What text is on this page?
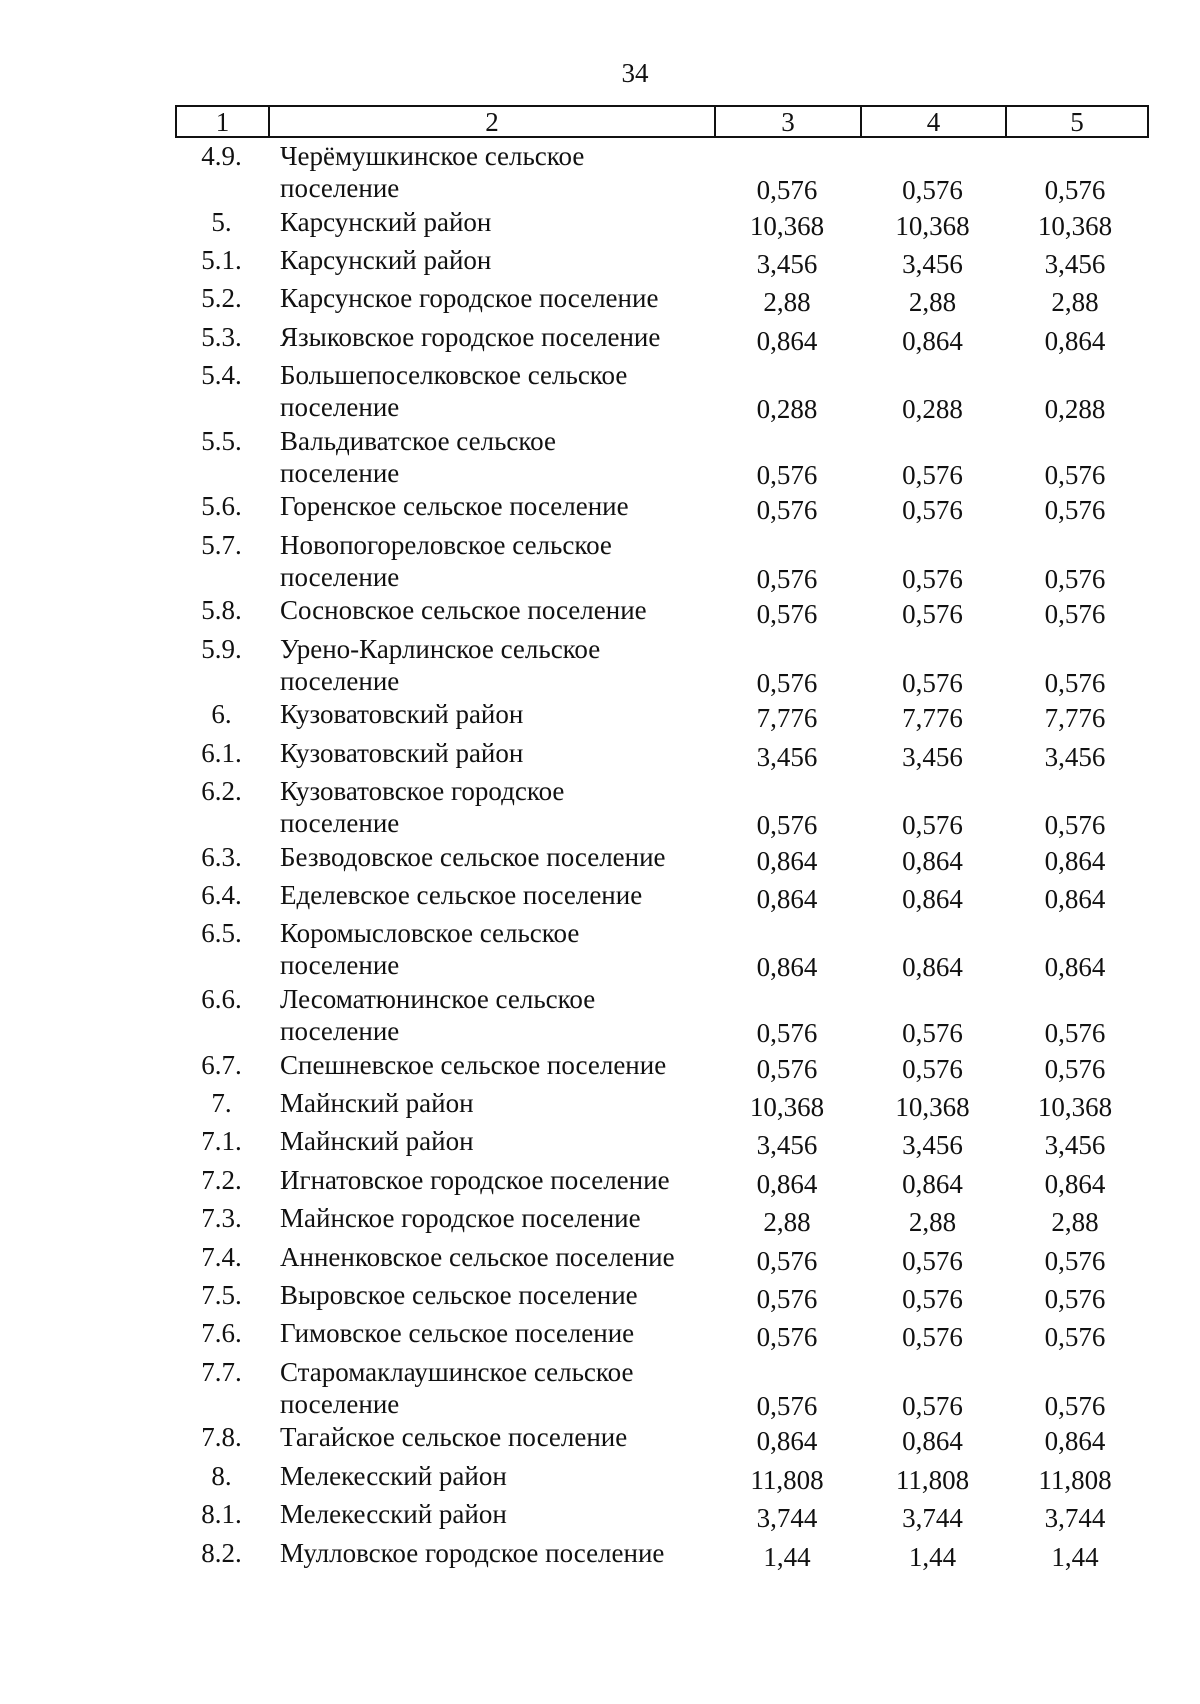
34
1	2	3	4	5
4.9.	Черёмушкинское сельское
поселение	0,576	0,576	0,576
5.	Карсунский район	10,368	10,368	10,368
5.1.	Карсунский район	3,456	3,456	3,456
5.2.	Карсунское городское поселение	2,88	2,88	2,88
5.3.	Языковское городское поселение	0,864	0,864	0,864
5.4.	Большепоселковское сельское
поселение	0,288	0,288	0,288
5.5.	Вальдиватское сельское
поселение	0,576	0,576	0,576
5.6.	Горенское сельское поселение	0,576	0,576	0,576
5.7.	Новопогореловское сельское
поселение	0,576	0,576	0,576
5.8.	Сосновское сельское поселение	0,576	0,576	0,576
5.9.	Урено-Карлинское сельское
поселение	0,576	0,576	0,576
6.	Кузоватовский район	7,776	7,776	7,776
6.1.	Кузоватовский район	3,456	3,456	3,456
6.2.	Кузоватовское городское
поселение	0,576	0,576	0,576
6.3.	Безводовское сельское поселение	0,864	0,864	0,864
6.4.	Еделевское сельское поселение	0,864	0,864	0,864
6.5.	Коромысловское сельское
поселение	0,864	0,864	0,864
6.6.	Лесоматюнинское сельское
поселение	0,576	0,576	0,576
6.7.	Спешневское сельское поселение	0,576	0,576	0,576
7.	Майнский район	10,368	10,368	10,368
7.1.	Майнский район	3,456	3,456	3,456
7.2.	Игнатовское городское поселение	0,864	0,864	0,864
7.3.	Майнское городское поселение	2,88	2,88	2,88
7.4.	Анненковское сельское поселение	0,576	0,576	0,576
7.5.	Выровское сельское поселение	0,576	0,576	0,576
7.6.	Гимовское сельское поселение	0,576	0,576	0,576
7.7.	Старомаклаушинское сельское
поселение	0,576	0,576	0,576
7.8.	Тагайское сельское поселение	0,864	0,864	0,864
8.	Мелекесский район	11,808	11,808	11,808
8.1.	Мелекесский район	3,744	3,744	3,744
8.2.	Мулловское городское поселение	1,44	1,44	1,44
